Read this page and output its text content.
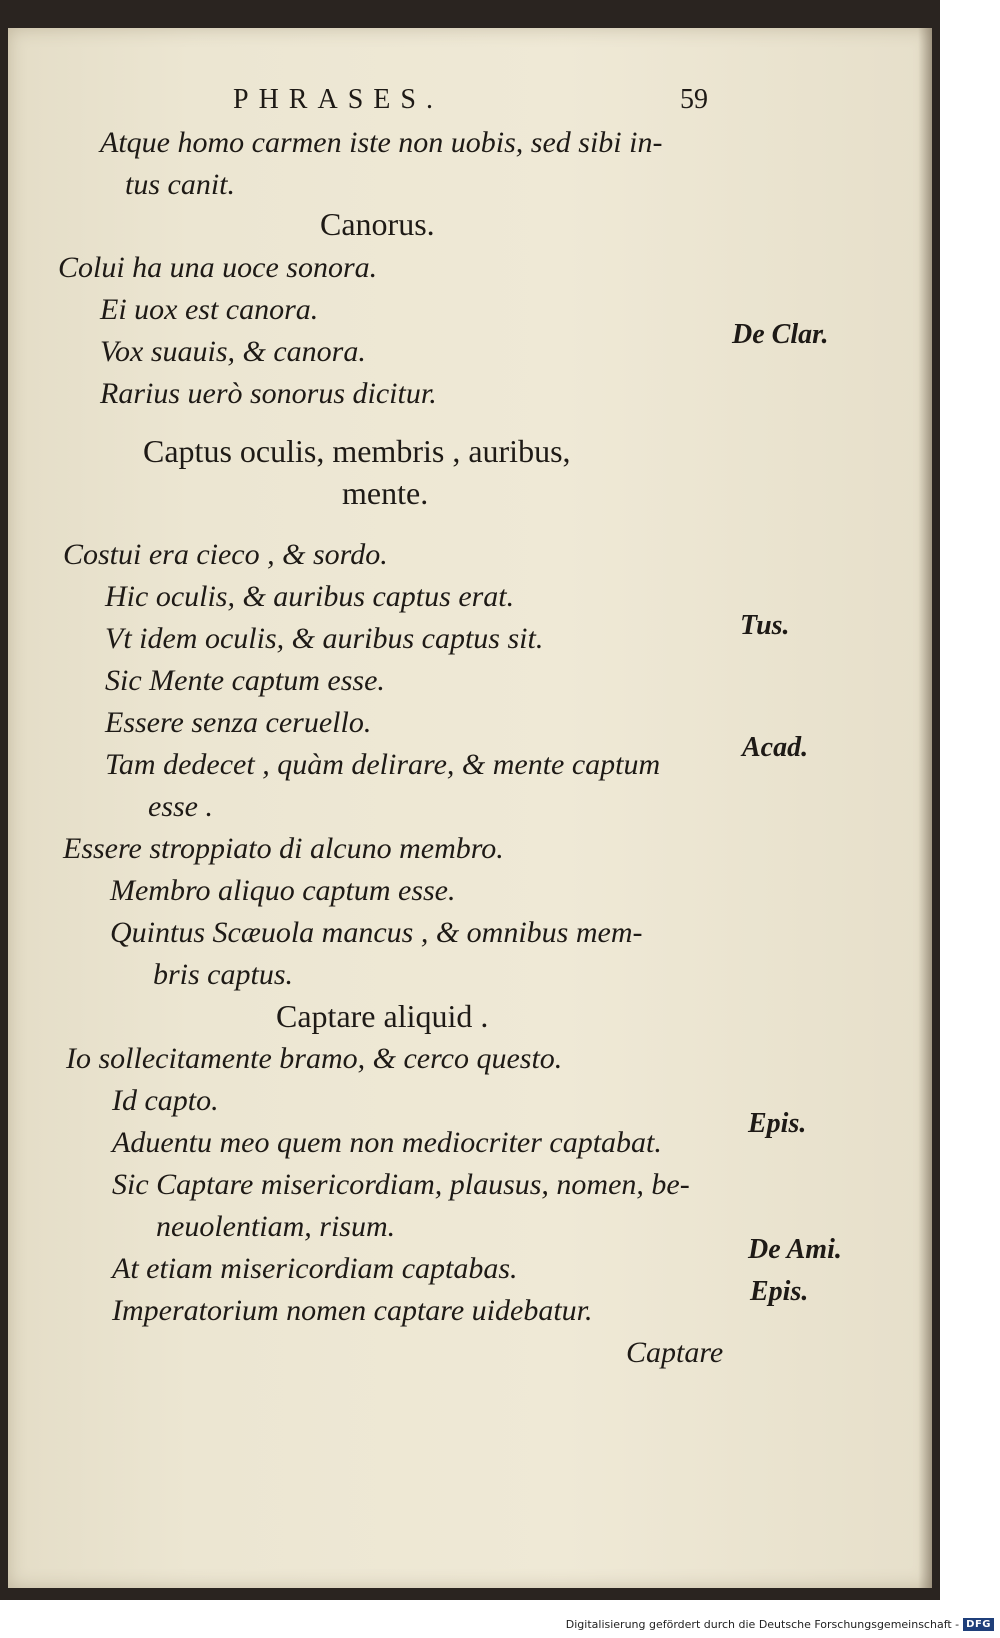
PHRASES.	59
Atque homo carmen iste non uobis, sed sibi in-
tus canit.
Canorus.
Colui ha una uoce sonora.
Ei uox est canora.
Vox suauis, & canora.
Rarius uerò sonorus dicitur.
Captus oculis, membris , auribus,
mente.
Costui era cieco , & sordo.
Hic oculis, & auribus captus erat.
Vt idem oculis, & auribus captus sit.
Sic Mente captum esse.
Essere senza ceruello.
Tam dedecet , quàm delirare, & mente captum
esse .
Essere stroppiato di alcuno membro.
Membro aliquo captum esse.
Quintus Scæuola mancus , & omnibus mem-
bris captus.
Captare aliquid .
Io sollecitamente bramo, & cerco questo.
Id capto.
Aduentu meo quem non mediocriter captabat.
Sic Captare misericordiam, plausus, nomen, be-
neuolentiam, risum.
At etiam misericordiam captabas.
Imperatorium nomen captare uidebatur.
Captare
De Clar.
Tus.
Acad.
Epis.
De Ami.
Epis.
Digitalisierung gefördert durch die Deutsche Forschungsgemeinschaft - DFG
